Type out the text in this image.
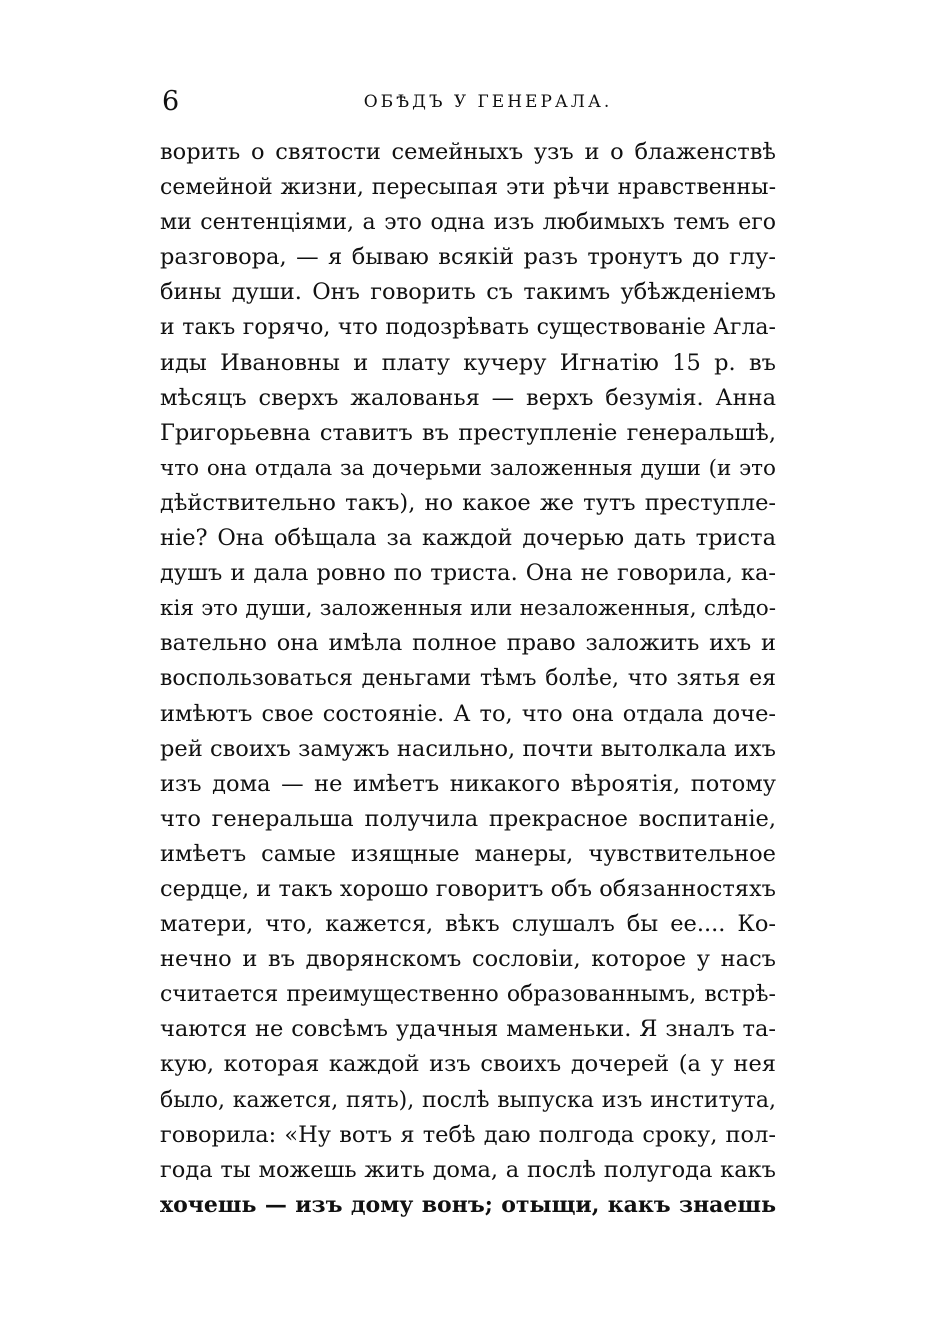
6	ОБѢДЪ У ГЕНЕРАЛА.
ворить о святости семейныхъ узъ и о блаженствѣ
семейной жизни, пересыпая эти рѣчи нравственны-
ми сентенціями, а это одна изъ любимыхъ темъ его
разговора, — я бываю всякій разъ тронутъ до глу-
бины души. Онъ говорить съ такимъ убѣжденіемъ
и такъ горячо, что подозрѣвать существованіе Агла-
иды Ивановны и плату кучеру Игнатію 15 р. въ
мѣсяцъ сверхъ жалованья — верхъ безумія. Анна
Григорьевна ставитъ въ преступленіе генеральшѣ,
что она отдала за дочерьми заложенныя души (и это
дѣйствительно такъ), но какое же тутъ преступле-
ніе? Она обѣщала за каждой дочерью дать триста
душъ и дала ровно по триста. Она не говорила, ка-
кія это души, заложенныя или незаложенныя, слѣдо-
вательно она имѣла полное право заложить ихъ и
воспользоваться деньгами тѣмъ болѣе, что зятья ея
имѣютъ свое состояніе. А то, что она отдала доче-
рей своихъ замужъ насильно, почти вытолкала ихъ
изъ дома — не имѣетъ никакого вѣроятія, потому
что генеральша получила прекрасное воспитаніе,
имѣетъ самые изящные манеры, чувствительное
сердце, и такъ хорошо говоритъ объ обязанностяхъ
матери, что, кажется, вѣкъ слушалъ бы ее.... Ко-
нечно и въ дворянскомъ сословіи, которое у насъ
считается преимущественно образованнымъ, встрѣ-
чаются не совсѣмъ удачныя маменьки. Я зналъ та-
кую, которая каждой изъ своихъ дочерей (а у нея
было, кажется, пять), послѣ выпуска изъ института,
говорила: «Ну вотъ я тебѣ даю полгода сроку, пол-
года ты можешь жить дома, а послѣ полугода какъ
хочешь — изъ дому вонъ; отыщи, какъ знаешь
